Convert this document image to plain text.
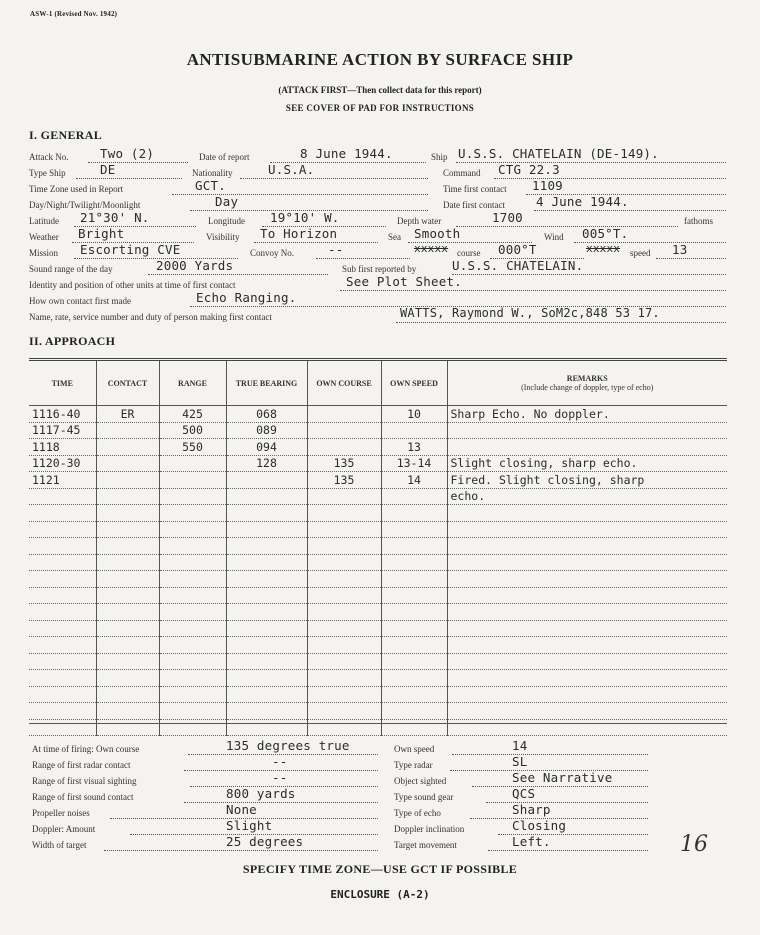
ASW-1 (Revised Nov. 1942)
ANTISUBMARINE ACTION BY SURFACE SHIP
(ATTACK FIRST—Then collect data for this report)
SEE COVER OF PAD FOR INSTRUCTIONS
I. GENERAL
Attack No.	Two (2)	Date of report	8 June 1944.	Ship U.S.S. CHATELAIN (DE-149).
Type Ship	DE	Nationality	U.S.A.	Command CTG 22.3
Time Zone used in Report	GCT.	Time first contact 1109
Day/Night/Twilight/Moonlight	Day	Date first contact 4 June 1944.
Latitude 21°30' N.	Longitude 19°10' W.	Depth water	1700	fathoms
Weather Bright	Visibility To Horizon	Sea Smooth	Wind 005°T.
Mission Escorting CVE	Convoy No.	--	xxxxx course 000°T	xxxxx speed 13
Sound range of the day	2000 Yards	Sub first reported by	U.S.S. CHATELAIN.
Identity and position of other units at time of first contact	See Plot Sheet.
How own contact first made	Echo Ranging.
Name, rate, service number and duty of person making first contact	WATTS, Raymond W., SoM2c,848 53 17.
II. APPROACH
TIME	CONTACT	RANGE	TRUE BEARING	OWN COURSE	OWN SPEED	REMARKS
(Include change of doppler, type of echo)

1116-40	ER	425	068		10	Sharp Echo. No doppler.
1117-45		500	089			
1118		550	094		13	
1120-30			128	135	13-14	Slight closing, sharp echo.
1121				135	14	Fired. Slight closing, sharp
						echo.

At time of firing: Own course	135 degrees true
Range of first radar contact	--
Range of first visual sighting	--
Range of first sound contact	800 yards
Propeller noises	None
Doppler: Amount	Slight
Width of target	25 degrees
Own speed	14
Type radar	SL
Object sighted	See Narrative
Type sound gear	QCS
Type of echo	Sharp
Doppler inclination	Closing
Target movement	Left.	16
SPECIFY TIME ZONE—USE GCT IF POSSIBLE
ENCLOSURE (A-2)
